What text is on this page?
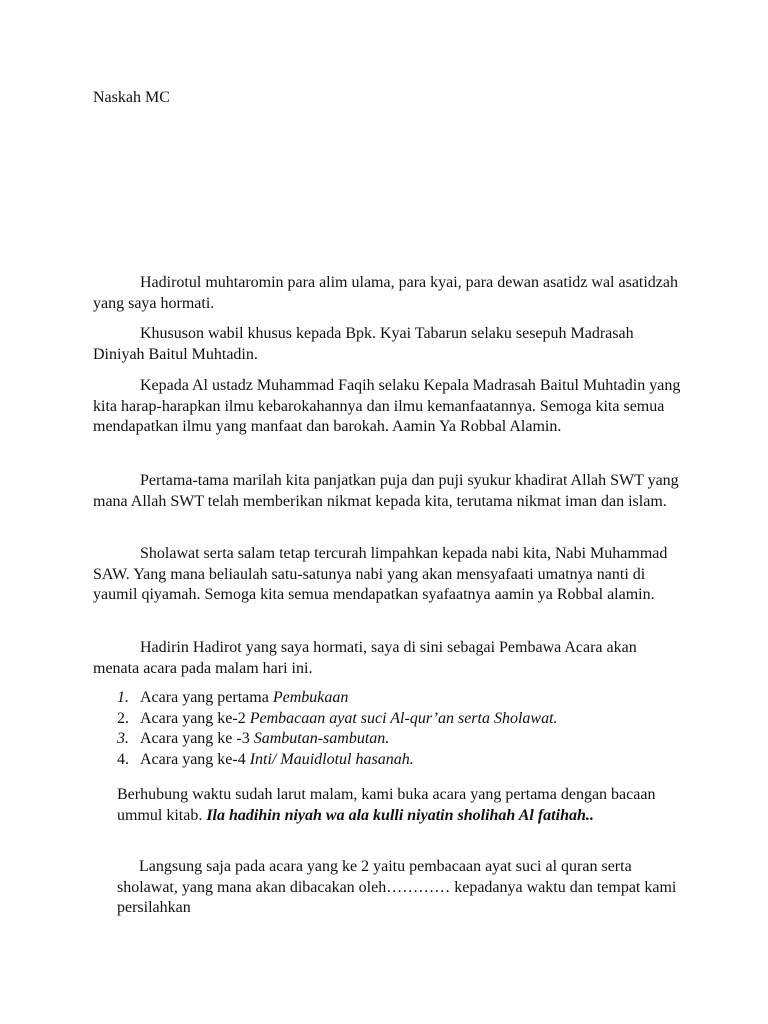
Naskah MC

Hadirotul muhtaromin para alim ulama, para kyai, para dewan asatidz wal asatidzah yang saya hormati.

Khususon wabil khusus kepada Bpk. Kyai Tabarun selaku sesepuh Madrasah Diniyah Baitul Muhtadin.

Kepada Al ustadz Muhammad Faqih selaku Kepala Madrasah Baitul Muhtadin yang kita harap-harapkan ilmu kebarokahannya dan ilmu kemanfaatannya. Semoga kita semua mendapatkan ilmu yang manfaat dan barokah. Aamin Ya Robbal Alamin.

Pertama-tama marilah kita panjatkan puja dan puji syukur khadirat Allah SWT yang mana Allah SWT telah memberikan nikmat kepada kita, terutama nikmat iman dan islam.

Sholawat serta salam tetap tercurah limpahkan kepada nabi kita, Nabi Muhammad SAW. Yang mana beliaulah satu-satunya nabi yang akan mensyafaati umatnya nanti di yaumil qiyamah. Semoga kita semua mendapatkan syafaatnya aamin ya Robbal alamin.

Hadirin Hadirot yang saya hormati, saya di sini sebagai Pembawa Acara akan menata acara pada malam hari ini.

1. Acara yang pertama Pembukaan
2. Acara yang ke-2 Pembacaan ayat suci Al-qur’an serta Sholawat.
3. Acara yang ke -3 Sambutan-sambutan.
4. Acara yang ke-4 Inti/ Mauidlotul hasanah.

Berhubung waktu sudah larut malam, kami buka acara yang pertama dengan bacaan ummul kitab. Ila hadihin niyah wa ala kulli niyatin sholihah Al fatihah..

Langsung saja pada acara yang ke 2 yaitu pembacaan ayat suci al quran serta sholawat, yang mana akan dibacakan oleh………… kepadanya waktu dan tempat kami persilahkan
